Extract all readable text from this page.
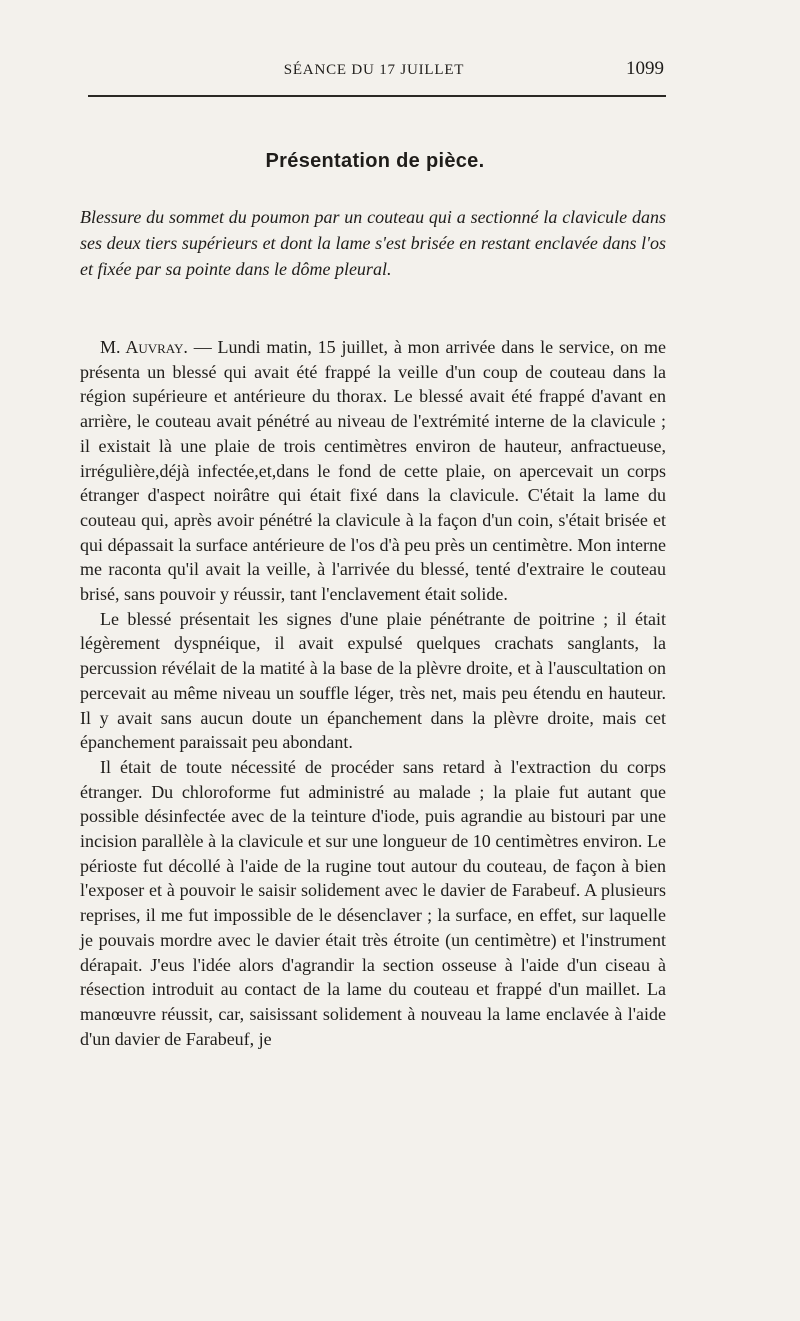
SÉANCE DU 17 JUILLET	1099
Présentation de pièce.
Blessure du sommet du poumon par un couteau qui a sectionné la clavicule dans ses deux tiers supérieurs et dont la lame s'est brisée en restant enclavée dans l'os et fixée par sa pointe dans le dôme pleural.

M. Auvray. — Lundi matin, 15 juillet, à mon arrivée dans le service, on me présenta un blessé qui avait été frappé la veille d'un coup de couteau dans la région supérieure et antérieure du thorax. Le blessé avait été frappé d'avant en arrière, le couteau avait pénétré au niveau de l'extrémité interne de la clavicule ; il existait là une plaie de trois centimètres environ de hauteur, anfractueuse, irrégulière,déjà infectée,et,dans le fond de cette plaie, on apercevait un corps étranger d'aspect noirâtre qui était fixé dans la clavicule. C'était la lame du couteau qui, après avoir pénétré la clavicule à la façon d'un coin, s'était brisée et qui dépassait la surface antérieure de l'os d'à peu près un centimètre. Mon interne me raconta qu'il avait la veille, à l'arrivée du blessé, tenté d'extraire le couteau brisé, sans pouvoir y réussir, tant l'enclavement était solide.

Le blessé présentait les signes d'une plaie pénétrante de poitrine ; il était légèrement dyspnéique, il avait expulsé quelques crachats sanglants, la percussion révélait de la matité à la base de la plèvre droite, et à l'auscultation on percevait au même niveau un souffle léger, très net, mais peu étendu en hauteur. Il y avait sans aucun doute un épanchement dans la plèvre droite, mais cet épanchement paraissait peu abondant.

Il était de toute nécessité de procéder sans retard à l'extraction du corps étranger. Du chloroforme fut administré au malade ; la plaie fut autant que possible désinfectée avec de la teinture d'iode, puis agrandie au bistouri par une incision parallèle à la clavicule et sur une longueur de 10 centimètres environ. Le périoste fut décollé à l'aide de la rugine tout autour du couteau, de façon à bien l'exposer et à pouvoir le saisir solidement avec le davier de Farabeuf. A plusieurs reprises, il me fut impossible de le désenclaver ; la surface, en effet, sur laquelle je pouvais mordre avec le davier était très étroite (un centimètre) et l'instrument dérapait. J'eus l'idée alors d'agrandir la section osseuse à l'aide d'un ciseau à résection introduit au contact de la lame du couteau et frappé d'un maillet. La manœuvre réussit, car, saisissant solidement à nouveau la lame enclavée à l'aide d'un davier de Farabeuf, je
